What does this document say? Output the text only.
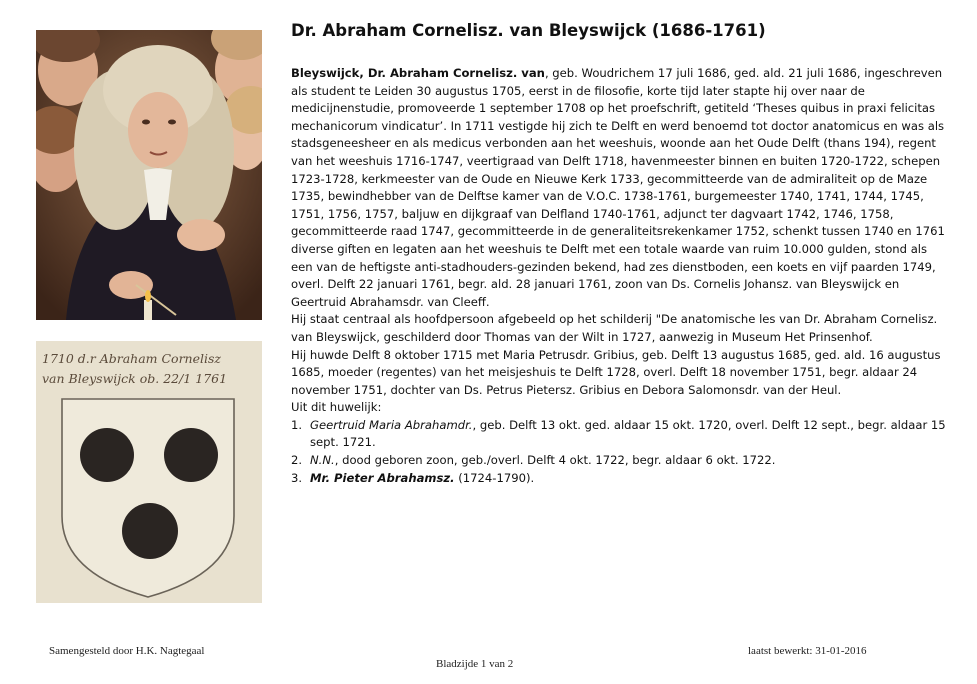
1710 d.r Abraham Cornelisz
van Bleyswijck ob. 22/1 1761
Dr. Abraham Cornelisz. van Bleyswijck (1686-1761)

Bleyswijck, Dr. Abraham Cornelisz. van, geb. Woudrichem 17 juli 1686, ged. ald. 21 juli 1686, ingeschreven als student te Leiden 30 augustus 1705, eerst in de filosofie, korte tijd later stapte hij over naar de medicijnenstudie, promoveerde 1 september 1708 op het proefschrift, getiteld ‘Theses quibus in praxi felicitas mechanicorum vindicatur’. In 1711 vestigde hij zich te Delft en werd benoemd tot doctor anatomicus en was als stadsgeneesheer en als medicus verbonden aan het weeshuis, woonde aan het Oude Delft (thans 194), regent van het weeshuis 1716-1747, veertigraad van Delft 1718, havenmeester binnen en buiten 1720-1722, schepen 1723-1728, kerkmeester van de Oude en Nieuwe Kerk 1733, gecommitteerde van de admiraliteit op de Maze 1735, bewindhebber van de Delftse kamer van de V.O.C. 1738-1761, burgemeester 1740, 1741, 1744, 1745, 1751, 1756, 1757, baljuw en dijkgraaf van Delfland 1740-1761, adjunct ter dagvaart 1742, 1746, 1758, gecommitteerde raad 1747, gecommitteerde in de generaliteitsrekenkamer 1752, schenkt tussen 1740 en 1761 diverse giften en legaten aan het weeshuis te Delft met een totale waarde van ruim 10.000 gulden, stond als een van de heftigste anti-stadhouders-gezinden bekend, had zes dienstboden, een koets en vijf paarden 1749, overl. Delft 22 januari 1761, begr. ald. 28 januari 1761, zoon van Ds. Cornelis Johansz. van Bleyswijck en Geertruid Abrahamsdr. van Cleeff.

Hij staat centraal als hoofdpersoon afgebeeld op het schilderij "De anatomische les van Dr. Abraham Cornelisz. van Bleyswijck, geschilderd door Thomas van der Wilt in 1727, aanwezig in Museum Het Prinsenhof.

Hij huwde Delft 8 oktober 1715 met Maria Petrusdr. Gribius, geb. Delft 13 augustus 1685, ged. ald. 16 augustus 1685, moeder (regentes) van het meisjeshuis te Delft 1728, overl. Delft 18 november 1751, begr. aldaar 24 november 1751, dochter van Ds. Petrus Pietersz. Gribius en Debora Salomonsdr. van der Heul.

Uit dit huwelijk:

1. Geertruid Maria Abrahamdr., geb. Delft 13 okt. ged. aldaar 15 okt. 1720, overl. Delft 12 sept., begr. aldaar 15 sept. 1721.
2. N.N., dood geboren zoon, geb./overl. Delft 4 okt. 1722, begr. aldaar 6 okt. 1722.
3. Mr. Pieter Abrahamsz. (1724-1790).
Samengesteld door H.K. Nagtegaal
Bladzijde 1 van 2
laatst bewerkt: 31-01-2016
